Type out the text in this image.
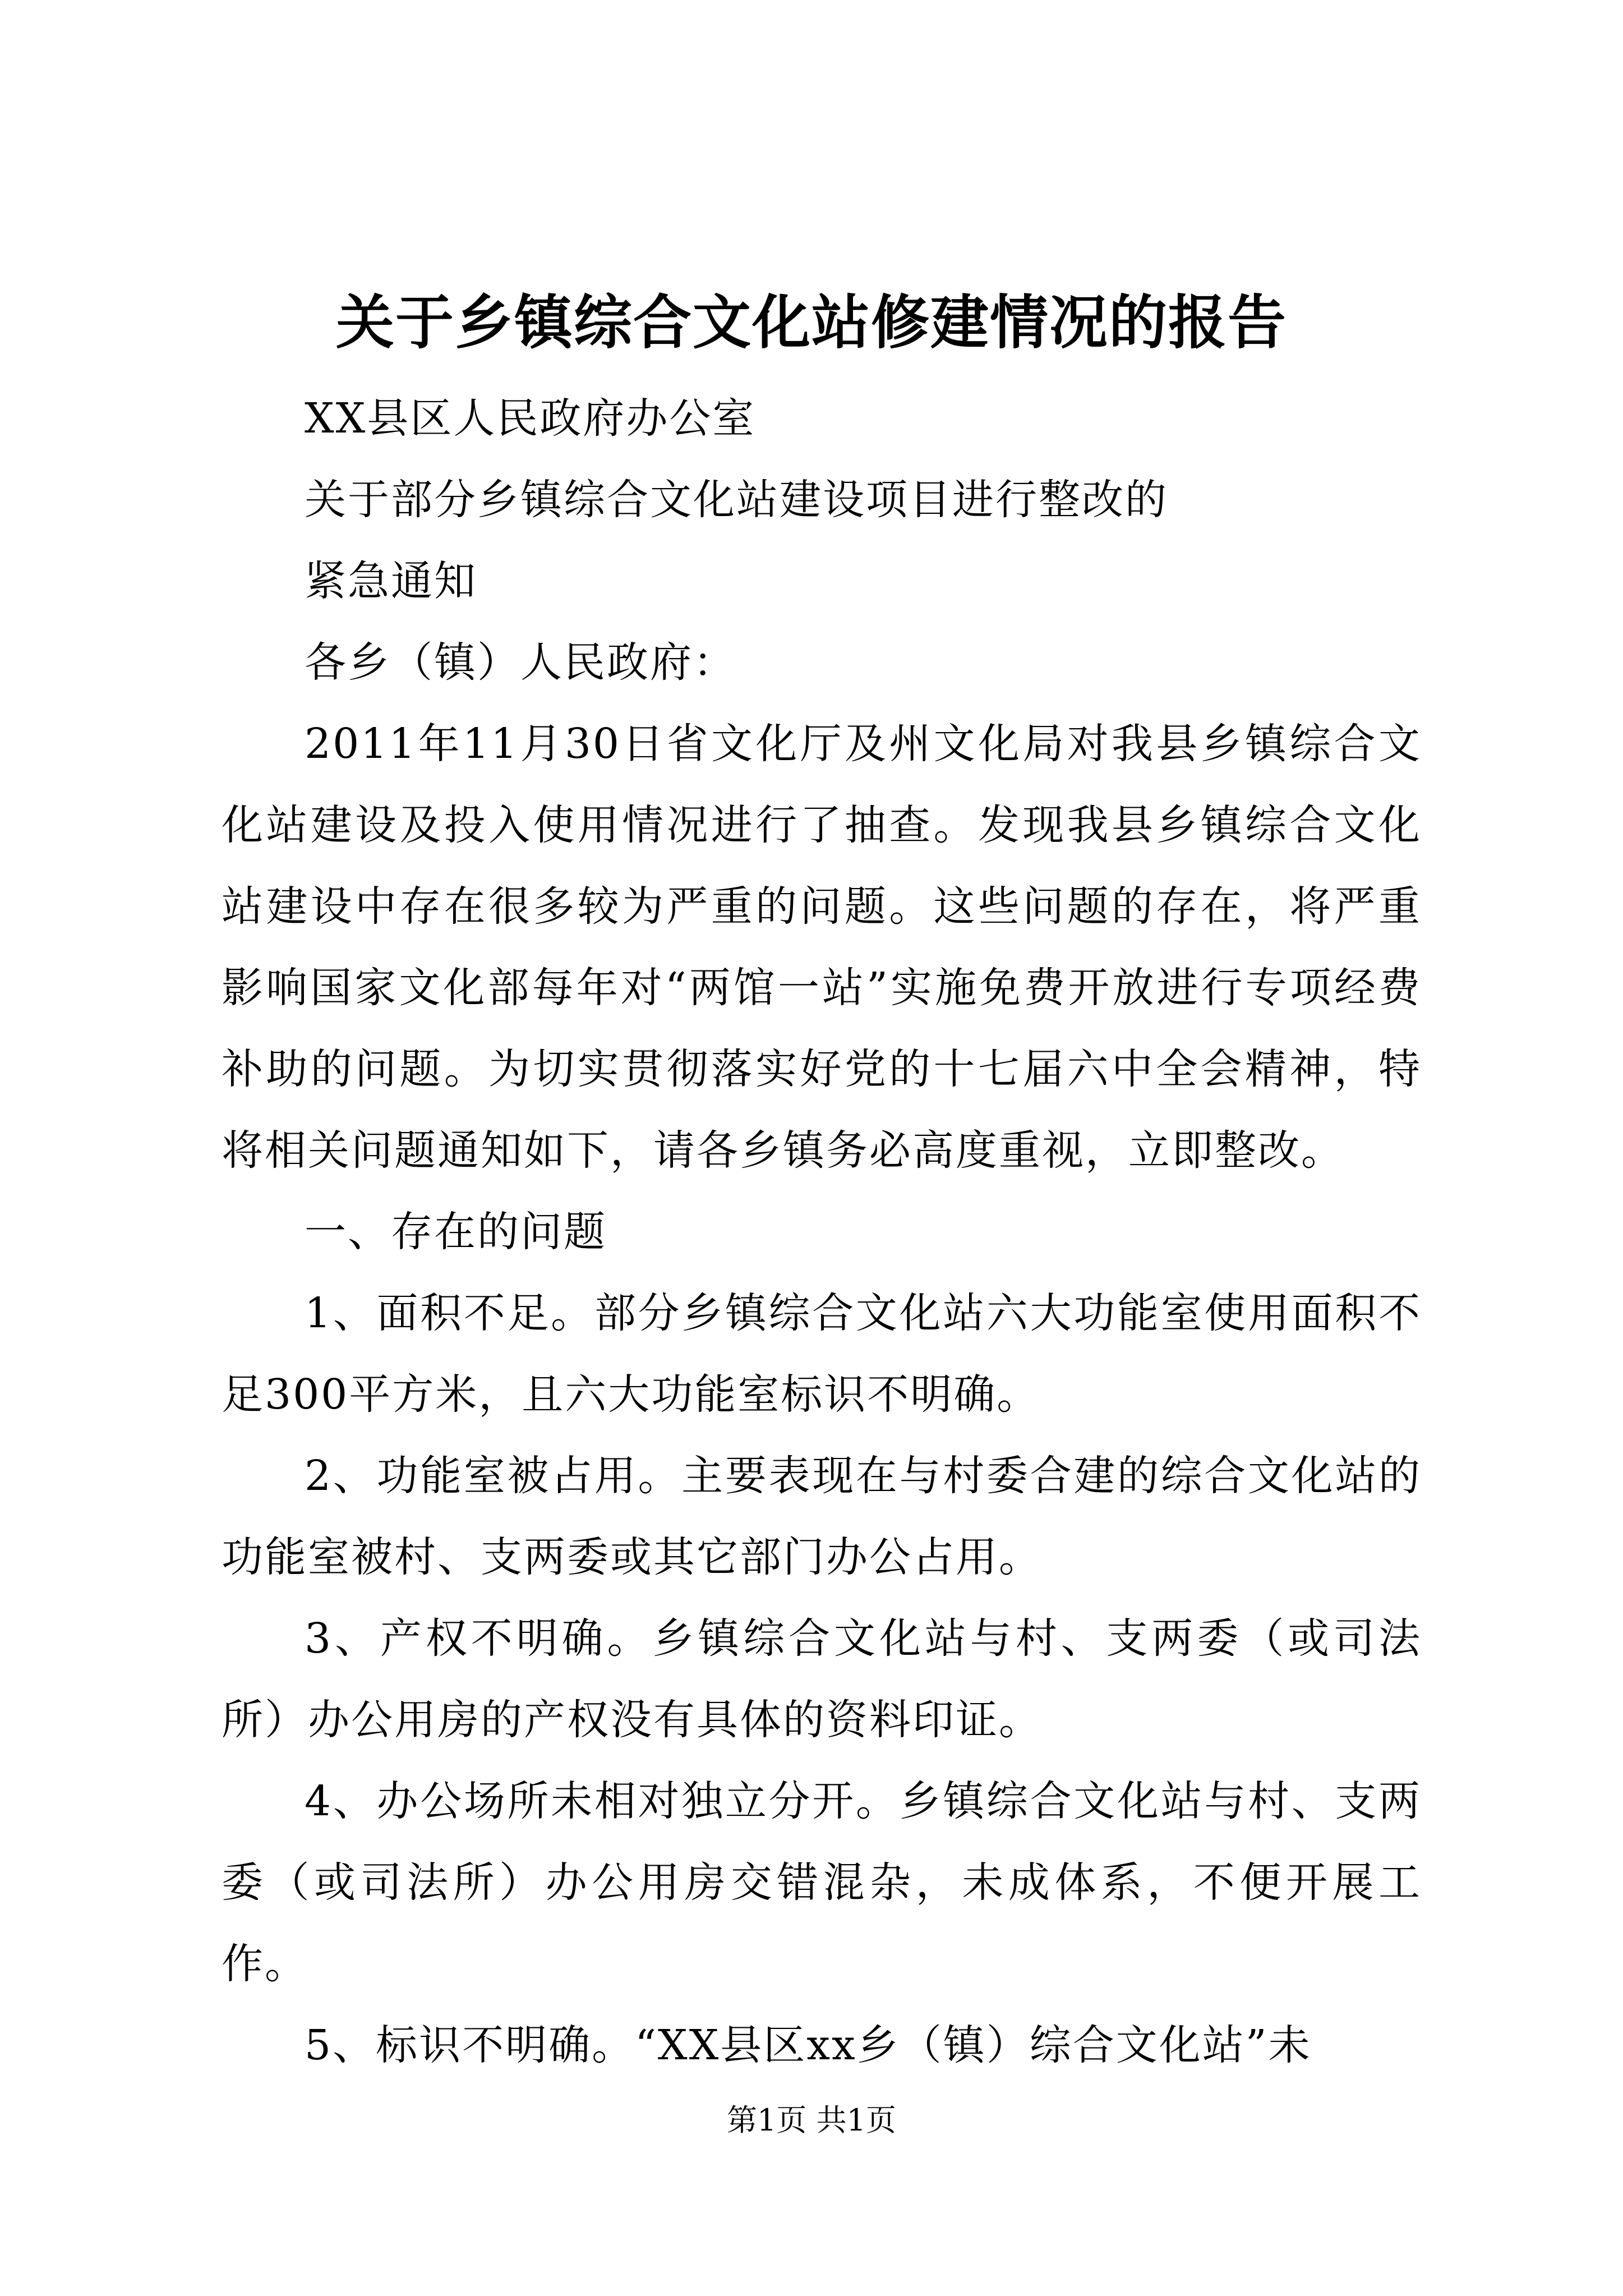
关于乡镇综合文化站修建情况的报告
XX县区人民政府办公室
关于部分乡镇综合文化站建设项目进行整改的
紧急通知
各乡（镇）人民政府：
2011年11月30日省文化厅及州文化局对我县乡镇综合文化站建设及投入使用情况进行了抽查。发现我县乡镇综合文化站建设中存在很多较为严重的问题。这些问题的存在，将严重影响国家文化部每年对“两馆一站”实施免费开放进行专项经费补助的问题。为切实贯彻落实好党的十七届六中全会精神，特将相关问题通知如下，请各乡镇务必高度重视，立即整改。
一、存在的问题
1、面积不足。部分乡镇综合文化站六大功能室使用面积不足300平方米，且六大功能室标识不明确。
2、功能室被占用。主要表现在与村委合建的综合文化站的功能室被村、支两委或其它部门办公占用。
3、产权不明确。乡镇综合文化站与村、支两委（或司法所）办公用房的产权没有具体的资料印证。
4、办公场所未相对独立分开。乡镇综合文化站与村、支两委（或司法所）办公用房交错混杂，未成体系，不便开展工作。
5、标识不明确。“XX县区xx乡（镇）综合文化站”未
第1页 共1页
